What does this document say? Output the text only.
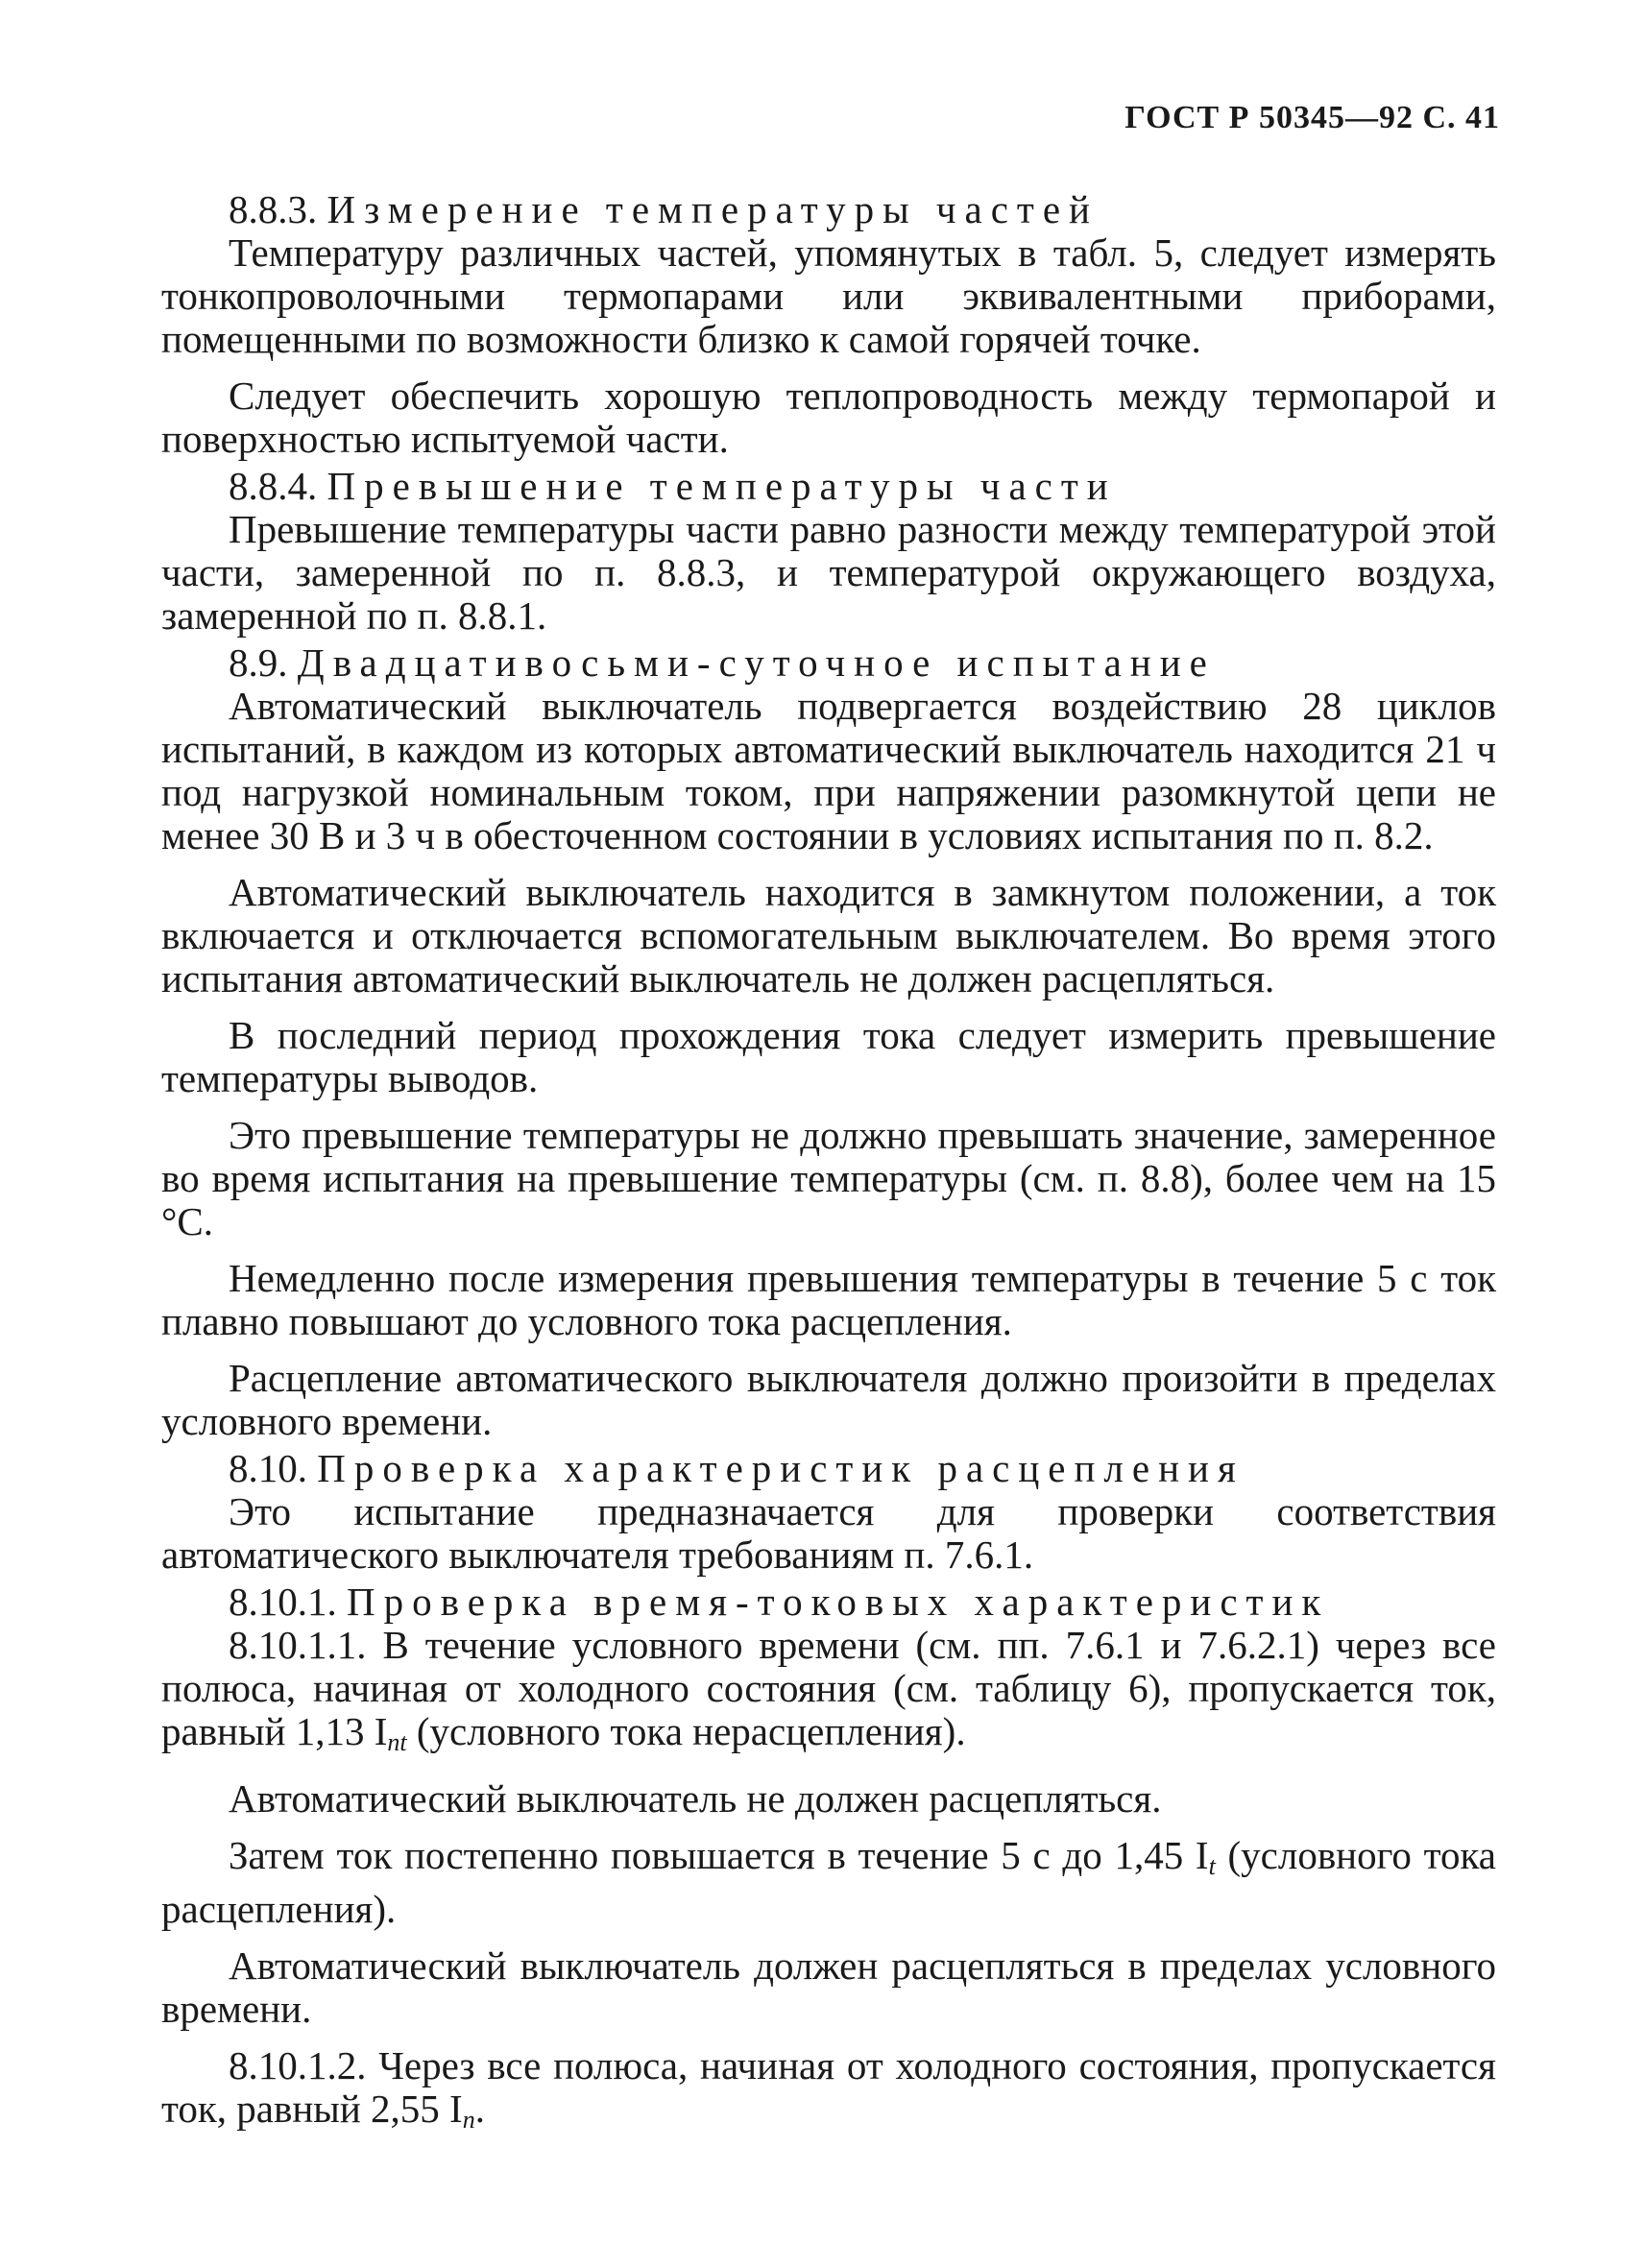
ГОСТ Р 50345—92 С. 41

8.8.3. Измерение температуры частей

Температуру различных частей, упомянутых в табл. 5, следует измерять тонкопроволочными термопарами или эквивалентными приборами, помещенными по возможности близко к самой горячей точке.

Следует обеспечить хорошую теплопроводность между термопарой и поверхностью испытуемой части.

8.8.4. Превышение температуры части

Превышение температуры части равно разности между температурой этой части, замеренной по п. 8.8.3, и температурой окружающего воздуха, замеренной по п. 8.8.1.

8.9. Двадцативосьми-суточное испытание

Автоматический выключатель подвергается воздействию 28 циклов испытаний, в каждом из которых автоматический выключатель находится 21 ч под нагрузкой номинальным током, при напряжении разомкнутой цепи не менее 30 В и 3 ч в обесточенном состоянии в условиях испытания по п. 8.2.

Автоматический выключатель находится в замкнутом положении, а ток включается и отключается вспомогательным выключателем. Во время этого испытания автоматический выключатель не должен расцепляться.

В последний период прохождения тока следует измерить превышение температуры выводов.

Это превышение температуры не должно превышать значение, замеренное во время испытания на превышение температуры (см. п. 8.8), более чем на 15 °С.

Немедленно после измерения превышения температуры в течение 5 с ток плавно повышают до условного тока расцепления.

Расцепление автоматического выключателя должно произойти в пределах условного времени.

8.10. Проверка характеристик расцепления

Это испытание предназначается для проверки соответствия автоматического выключателя требованиям п. 7.6.1.

8.10.1. Проверка время-токовых характеристик

8.10.1.1. В течение условного времени (см. пп. 7.6.1 и 7.6.2.1) через все полюса, начиная от холодного состояния (см. таблицу 6), пропускается ток, равный 1,13 $I_{nt}$ (условного тока нерасцепления).

Автоматический выключатель не должен расцепляться.

Затем ток постепенно повышается в течение 5 с до 1,45 $I_t$ (условного тока расцепления).

Автоматический выключатель должен расцепляться в пределах условного времени.

8.10.1.2. Через все полюса, начиная от холодного состояния, пропускается ток, равный 2,55 $I_n$.
